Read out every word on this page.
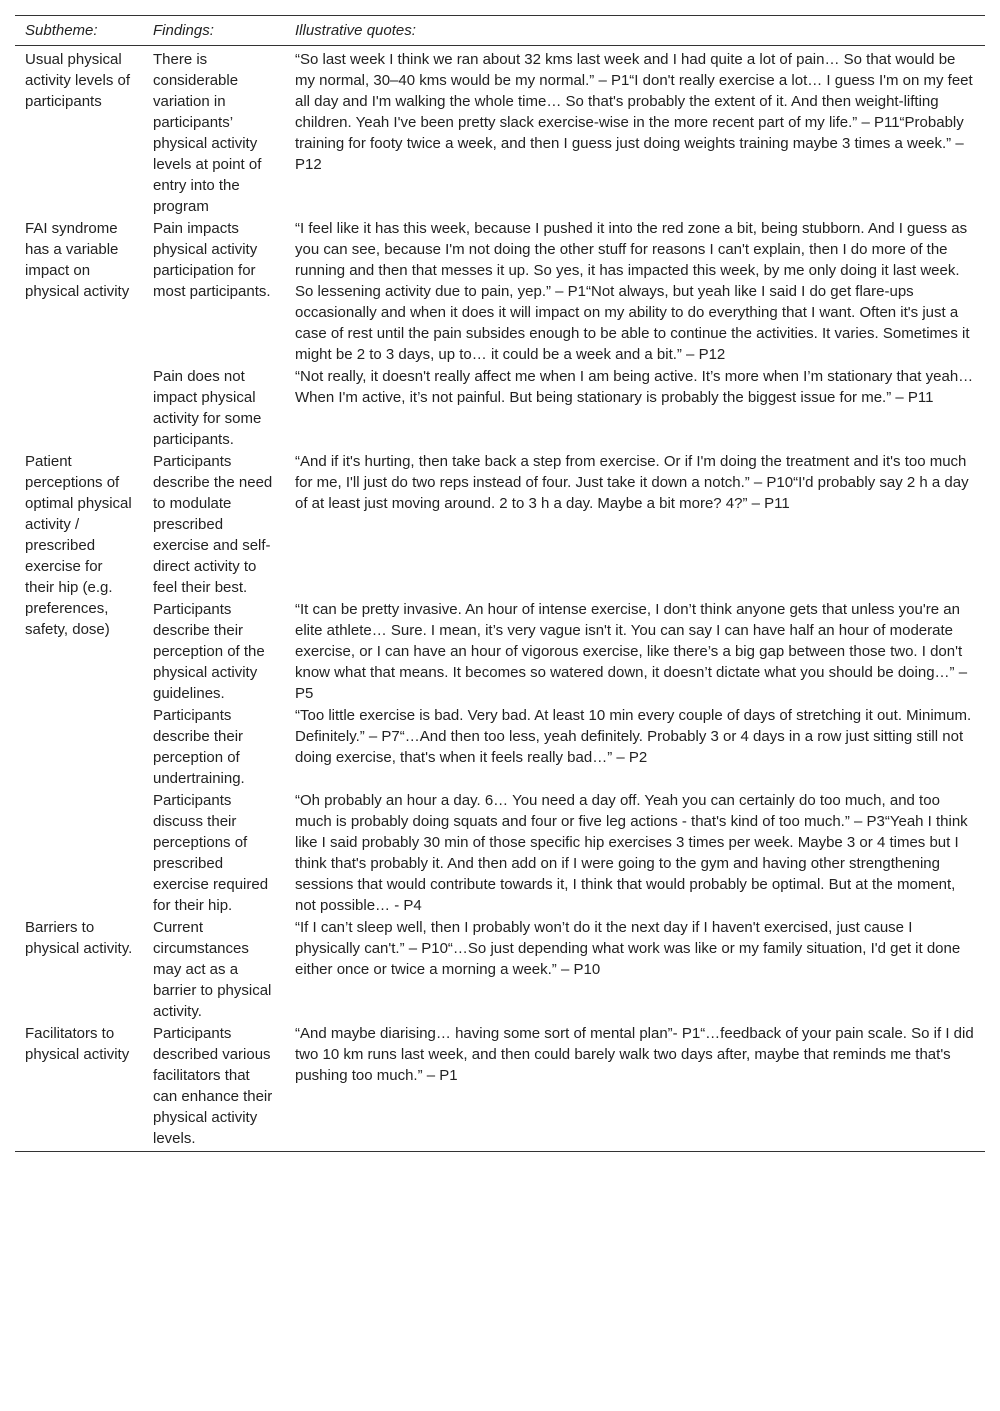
Subtheme:	Findings:	Illustrative quotes:
Usual physical activity levels of participants	There is considerable variation in participants’ physical activity levels at point of entry into the program	“So last week I think we ran about 32 kms last week and I had quite a lot of pain… So that would be my normal, 30–40 kms would be my normal.” – P1“I don't really exercise a lot… I guess I'm on my feet all day and I'm walking the whole time… So that's probably the extent of it. And then weight-lifting children. Yeah I've been pretty slack exercise-wise in the more recent part of my life.” – P11“Probably training for footy twice a week, and then I guess just doing weights training maybe 3 times a week.” – P12
FAI syndrome has a variable impact on physical activity	Pain impacts physical activity participation for most participants.	“I feel like it has this week, because I pushed it into the red zone a bit, being stubborn. And I guess as you can see, because I'm not doing the other stuff for reasons I can't explain, then I do more of the running and then that messes it up. So yes, it has impacted this week, by me only doing it last week. So lessening activity due to pain, yep.” – P1“Not always, but yeah like I said I do get flare-ups occasionally and when it does it will impact on my ability to do everything that I want. Often it's just a case of rest until the pain subsides enough to be able to continue the activities. It varies. Sometimes it might be 2 to 3 days, up to… it could be a week and a bit.” – P12
	Pain does not impact physical activity for some participants.	“Not really, it doesn't really affect me when I am being active. It’s more when I’m stationary that yeah… When I'm active, it’s not painful. But being stationary is probably the biggest issue for me.” – P11
Patient perceptions of optimal physical activity / prescribed exercise for their hip (e.g. preferences, safety, dose)	Participants describe the need to modulate prescribed exercise and self-direct activity to feel their best.	“And if it's hurting, then take back a step from exercise. Or if I'm doing the treatment and it's too much for me, I'll just do two reps instead of four. Just take it down a notch.” – P10“I'd probably say 2 h a day of at least just moving around. 2 to 3 h a day. Maybe a bit more? 4?” – P11
	Participants describe their perception of the physical activity guidelines.	“It can be pretty invasive. An hour of intense exercise, I don’t think anyone gets that unless you're an elite athlete… Sure. I mean, it’s very vague isn't it. You can say I can have half an hour of moderate exercise, or I can have an hour of vigorous exercise, like there’s a big gap between those two. I don't know what that means. It becomes so watered down, it doesn’t dictate what you should be doing…” – P5
	Participants describe their perception of undertraining.	“Too little exercise is bad. Very bad. At least 10 min every couple of days of stretching it out. Minimum. Definitely.” – P7“…And then too less, yeah definitely. Probably 3 or 4 days in a row just sitting still not doing exercise, that's when it feels really bad…” – P2
	Participants discuss their perceptions of prescribed exercise required for their hip.	“Oh probably an hour a day. 6… You need a day off. Yeah you can certainly do too much, and too much is probably doing squats and four or five leg actions - that's kind of too much.” – P3“Yeah I think like I said probably 30 min of those specific hip exercises 3 times per week. Maybe 3 or 4 times but I think that's probably it. And then add on if I were going to the gym and having other strengthening sessions that would contribute towards it, I think that would probably be optimal. But at the moment, not possible… - P4
Barriers to physical activity.	Current circumstances may act as a barrier to physical activity.	“If I can’t sleep well, then I probably won’t do it the next day if I haven't exercised, just cause I physically can't.” – P10“…So just depending what work was like or my family situation, I'd get it done either once or twice a morning a week.” – P10
Facilitators to physical activity	Participants described various facilitators that can enhance their physical activity levels.	“And maybe diarising… having some sort of mental plan”- P1“…feedback of your pain scale. So if I did two 10 km runs last week, and then could barely walk two days after, maybe that reminds me that's pushing too much.” – P1
